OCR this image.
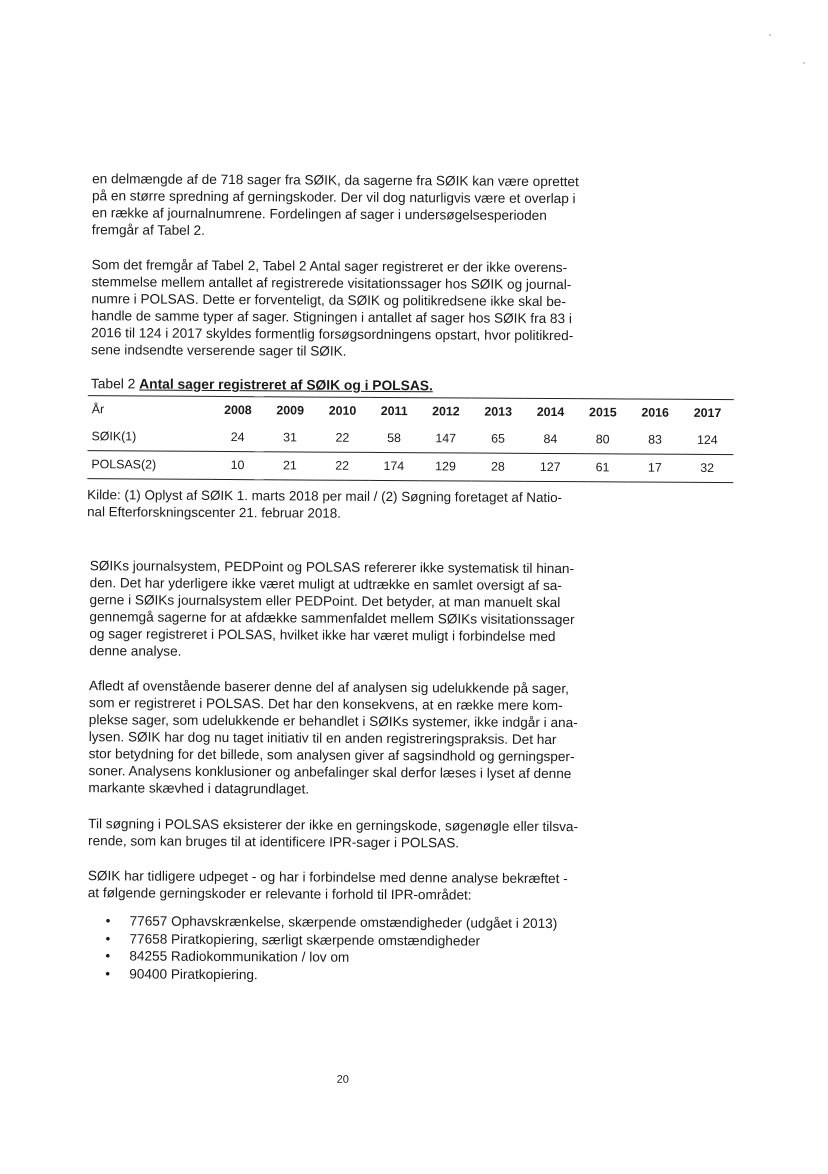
en delmængde af de 718 sager fra SØIK, da sagerne fra SØIK kan være oprettet
på en større spredning af gerningskoder. Der vil dog naturligvis være et overlap i
en række af journalnumrene. Fordelingen af sager i undersøgelsesperioden
fremgår af Tabel 2.

Som det fremgår af Tabel 2, Tabel 2 Antal sager registreret er der ikke overens-
stemmelse mellem antallet af registrerede visitationssager hos SØIK og journal-
numre i POLSAS. Dette er forventeligt, da SØIK og politikredsene ikke skal be-
handle de samme typer af sager. Stigningen i antallet af sager hos SØIK fra 83 i
2016 til 124 i 2017 skyldes formentlig forsøgsordningens opstart, hvor politikred-
sene indsendte verserende sager til SØIK.

Tabel 2 Antal sager registreret af SØIK og i POLSAS.
År	2008	2009	2010	2011	2012	2013	2014	2015	2016	2017
SØIK(1)	24	31	22	58	147	65	84	80	83	124
POLSAS(2)	10	21	22	174	129	28	127	61	17	32
Kilde: (1) Oplyst af SØIK 1. marts 2018 per mail / (2) Søgning foretaget af Natio-
nal Efterforskningscenter 21. februar 2018.

SØIKs journalsystem, PEDPoint og POLSAS refererer ikke systematisk til hinan-
den. Det har yderligere ikke været muligt at udtrække en samlet oversigt af sa-
gerne i SØIKs journalsystem eller PEDPoint. Det betyder, at man manuelt skal
gennemgå sagerne for at afdække sammenfaldet mellem SØIKs visitationssager
og sager registreret i POLSAS, hvilket ikke har været muligt i forbindelse med
denne analyse.

Afledt af ovenstående baserer denne del af analysen sig udelukkende på sager,
som er registreret i POLSAS. Det har den konsekvens, at en række mere kom-
plekse sager, som udelukkende er behandlet i SØIKs systemer, ikke indgår i ana-
lysen. SØIK har dog nu taget initiativ til en anden registreringspraksis. Det har
stor betydning for det billede, som analysen giver af sagsindhold og gerningsper-
soner. Analysens konklusioner og anbefalinger skal derfor læses i lyset af denne
markante skævhed i datagrundlaget.

Til søgning i POLSAS eksisterer der ikke en gerningskode, søgenøgle eller tilsva-
rende, som kan bruges til at identificere IPR-sager i POLSAS.

SØIK har tidligere udpeget - og har i forbindelse med denne analyse bekræftet -
at følgende gerningskoder er relevante i forhold til IPR-området:

• 77657 Ophavskrænkelse, skærpende omstændigheder (udgået i 2013)
• 77658 Piratkopiering, særligt skærpende omstændigheder
• 84255 Radiokommunikation / lov om
• 90400 Piratkopiering.
20
